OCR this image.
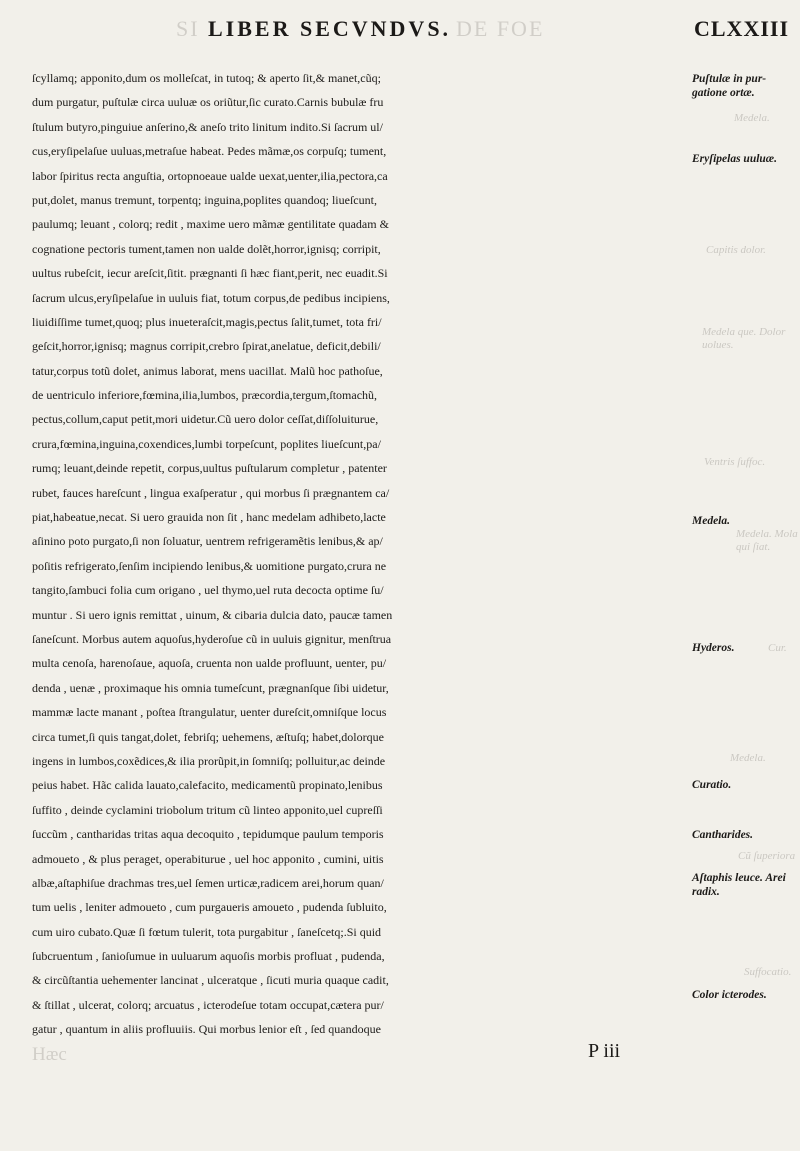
SI LIBER SECVNDVS. DE FOE	CLXXIII
ſcyllamq; apponito,dum os molleſcat, in tutoq; & aperto ſit,& manet,cũq;
dum purgatur, puſtulæ circa uuluæ os oriũtur,ſic curato.Carnis bubulæ fru
ſtulum butyro,pinguiue anſerino,& aneſo trito linitum indito.Si ſacrum ul/
cus,eryſipelaſue uuluas,metraſue habeat. Pedes mãmæ,os corpuſq; tument,
labor ſpiritus recta anguſtia, ortopnoeaue ualde uexat,uenter,ilia,pectora,ca
put,dolet, manus tremunt, torpentq; inguina,poplites quandoq; liueſcunt,
paulumq; leuant , colorq; redit , maxime uero mãmæ gentilitate quadam &
cognatione pectoris tument,tamen non ualde dolẽt,horror,ignisq; corripit,
uultus rubeſcit, iecur areſcit,ſitit. prægnanti ſi hæc fiant,perit, nec euadit.Si
ſacrum ulcus,eryſipelaſue in uuluis fiat, totum corpus,de pedibus incipiens,
liuidiſſime tumet,quoq; plus inueteraſcit,magis,pectus ſalit,tumet, tota fri/
geſcit,horror,ignisq; magnus corripit,crebro ſpirat,anelatue, deficit,debili/
tatur,corpus totũ dolet, animus laborat, mens uacillat. Malũ hoc pathoſue,
de uentriculo inferiore,fœmina,ilia,lumbos, præcordia,tergum,ſtomachũ,
pectus,collum,caput petit,mori uidetur.Cũ uero dolor ceſſat,diſſoluiturue,
crura,fœmina,inguina,coxendices,lumbi torpeſcunt, poplites liueſcunt,pa/
rumq; leuant,deinde repetit, corpus,uultus puſtularum completur , patenter
rubet, fauces hareſcunt , lingua exaſperatur , qui morbus ſi prægnantem ca/
piat,habeatue,necat. Si uero grauida non ſit , hanc medelam adhibeto,lacte
aſinino poto purgato,ſi non ſoluatur, uentrem refrigeramẽtis lenibus,& ap/
poſitis refrigerato,ſenſim incipiendo lenibus,& uomitione purgato,crura ne
tangito,ſambuci folia cum origano , uel thymo,uel ruta decocta optime ſu/
muntur . Si uero ignis remittat , uinum, & cibaria dulcia dato, paucæ tamen
ſaneſcunt. Morbus autem aquoſus,hyderoſue cũ in uuluis gignitur, menſtrua
multa cenoſa, harenoſaue, aquoſa, cruenta non ualde profluunt, uenter, pu/
denda , uenæ , proximaque his omnia tumeſcunt, prægnanſque ſibi uidetur,
mammæ lacte manant , poſtea ſtrangulatur, uenter dureſcit,omniſque locus
circa tumet,ſi quis tangat,dolet, febriſq; uehemens, æſtuſq; habet,dolorque
ingens in lumbos,coxẽdices,& ilia prorũpit,in ſomniſq; polluitur,ac deinde
peius habet. Hãc calida lauato,calefacito, medicamentũ propinato,lenibus
ſuffito , deinde cyclamini triobolum tritum cũ linteo apponito,uel cupreſſi
ſuccũm , cantharidas tritas aqua decoquito , tepidumque paulum temporis
admoueto , & plus peraget, operabiturue , uel hoc apponito , cumini, uitis
albæ,aſtaphiſue drachmas tres,uel ſemen urticæ,radicem arei,horum quan/
tum uelis , leniter admoueto , cum purgaueris amoueto , pudenda ſubluito,
cum uiro cubato.Quæ ſi fœtum tulerit, tota purgabitur , ſaneſcetq;.Si quid
ſubcruentum , ſanioſumue in uuluarum aquoſis morbis profluat , pudenda,
& circũſtantia uehementer lancinat , ulceratque , ſicuti muria quaque cadit,
& ſtillat , ulcerat, colorq; arcuatus , icterodeſue totam occupat,cætera pur/
gatur , quantum in aliis profluuiis. Qui morbus lenior eſt , ſed quandoque
Puſtulæ in pur- gatione ortæ.
Eryſipelas uuluæ.
Medela.
Hyderos.
Curatio.
Cantharides.
Aſtaphis leuce. Arei radix.
Color icterodes.
Medela.
Capitis dolor.
Medela que. Dolor uolues.
Ventris ſuffoc.
Medela. Mola qui ſiat.
Cur.
Medela.
Cũ ſuperiora
Suffocatio.
Hæc	P iii
